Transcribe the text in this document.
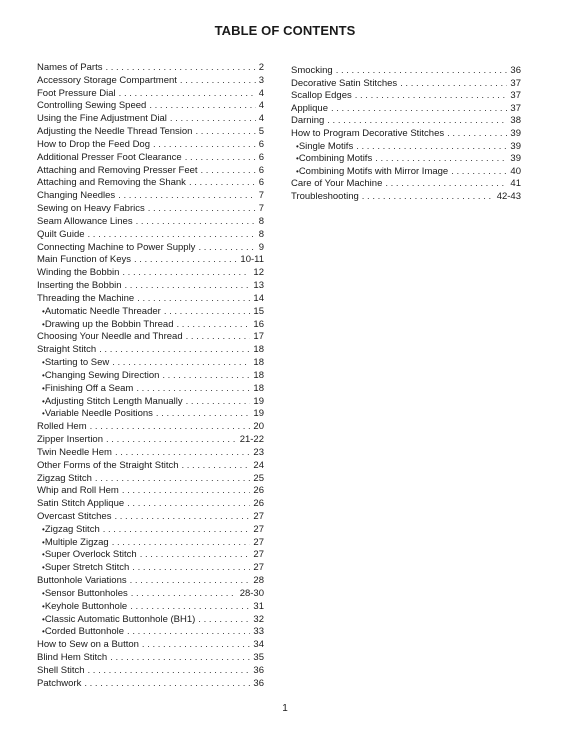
TABLE OF CONTENTS
Names of Parts . . .	2
Accessory Storage Compartment . . .	3
Foot Pressure Dial . . .	4
Controlling Sewing Speed . . .	4
Using the Fine Adjustment Dial . . .	4
Adjusting the Needle Thread Tension . . .	5
How to Drop the Feed Dog . . .	6
Additional Presser Foot Clearance . . .	6
Attaching and Removing Presser Feet . . .	6
Attaching and Removing the Shank . . .	6
Changing Needles . . .	7
Sewing on Heavy Fabrics . . .	7
Seam Allowance Lines . . .	8
Quilt Guide . . .	8
Connecting Machine to Power Supply . . .	9
Main Function of Keys . . .	10-11
Winding the Bobbin . . .	12
Inserting the Bobbin . . .	13
Threading the Machine . . .	14
• Automatic Needle Threader . . .	15
• Drawing up the Bobbin Thread . . .	16
Choosing Your Needle and Thread . . .	17
Straight Stitch . . .	18
• Starting to Sew . . .	18
• Changing Sewing Direction . . .	18
• Finishing Off a Seam . . .	18
• Adjusting Stitch Length Manually . . .	19
• Variable Needle Positions . . .	19
Rolled Hem . . .	20
Zipper Insertion . . .	21-22
Twin Needle Hem . . .	23
Other Forms of the Straight Stitch . . .	24
Zigzag Stitch . . .	25
Whip and Roll Hem . . .	26
Satin Stitch Applique . . .	26
Overcast Stitches . . .	27
• Zigzag Stitch . . .	27
• Multiple Zigzag . . .	27
• Super Overlock Stitch . . .	27
• Super Stretch Stitch . . .	27
Buttonhole Variations . . .	28
• Sensor Buttonholes . . .	28-30
• Keyhole Buttonhole . . .	31
• Classic Automatic Buttonhole (BH1) . . .	32
• Corded Buttonhole . . .	33
How to Sew on a Button . . .	34
Blind Hem Stitch . . .	35
Shell Stitch . . .	36
Patchwork . . .	36
Smocking . . .	36
Decorative Satin Stitches . . .	37
Scallop Edges . . .	37
Applique . . .	37
Darning . . .	38
How to Program Decorative Stitches . . .	39
• Single Motifs . . .	39
• Combining Motifs . . .	39
• Combining Motifs with Mirror Image . . .	40
Care of Your Machine . . .	41
Troubleshooting . . .	42-43
1
